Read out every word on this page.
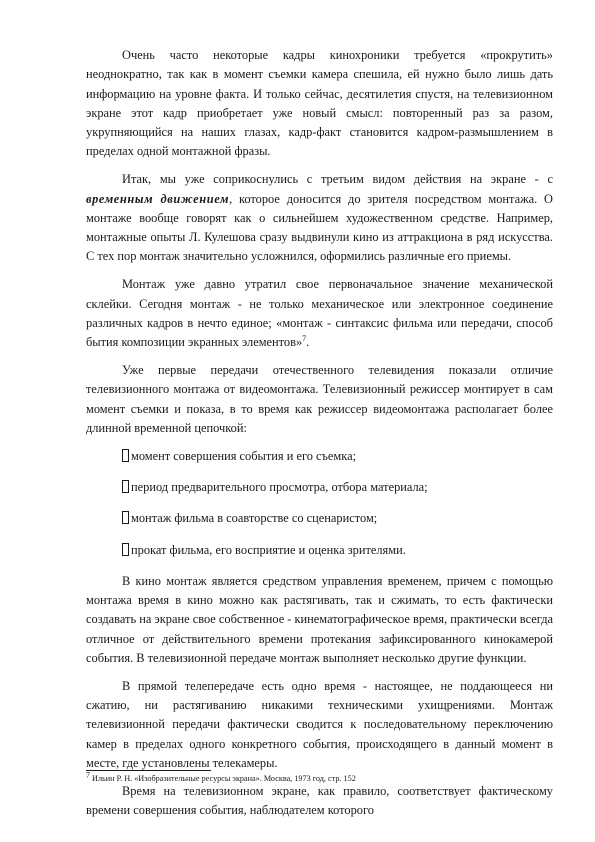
Очень часто некоторые кадры кинохроники требуется «прокрутить» неоднократно, так как в момент съемки камера спешила, ей нужно было лишь дать информацию на уровне факта. И только сейчас, десятилетия спустя, на телевизионном экране этот кадр приобретает уже новый смысл: повторенный раз за разом, укрупняющийся на наших глазах, кадр-факт становится кадром-размышлением в пределах одной монтажной фразы.

Итак, мы уже соприкоснулись с третьим видом действия на экране - с временным движением, которое доносится до зрителя посредством монтажа. О монтаже вообще говорят как о сильнейшем художественном средстве. Например, монтажные опыты Л. Кулешова сразу выдвинули кино из аттракциона в ряд искусства. С тех пор монтаж значительно усложнился, оформились различные его приемы.

Монтаж уже давно утратил свое первоначальное значение механической склейки. Сегодня монтаж - не только механическое или электронное соединение различных кадров в нечто единое; «монтаж - синтаксис фильма или передачи, способ бытия композиции экранных элементов»$^7$.

Уже первые передачи отечественного телевидения показали отличие телевизионного монтажа от видеомонтажа. Телевизионный режиссер монтирует в сам момент съемки и показа, в то время как режиссер видеомонтажа располагает более длинной временной цепочкой:

момент совершения события и его съемка;
период предварительного просмотра, отбора материала;
монтаж фильма в соавторстве со сценаристом;
прокат фильма, его восприятие и оценка зрителями.

В кино монтаж является средством управления временем, причем с помощью монтажа время в кино можно как растягивать, так и сжимать, то есть фактически создавать на экране свое собственное - кинематографическое время, практически всегда отличное от действительного времени протекания зафиксированного кинокамерой события. В телевизионной передаче монтаж выполняет несколько другие функции.

В прямой телепередаче есть одно время - настоящее, не поддающееся ни сжатию, ни растягиванию никакими техническими ухищрениями. Монтаж телевизионной передачи фактически сводится к последовательному переключению камер в пределах одного конкретного события, происходящего в данный момент в месте, где установлены телекамеры.

Время на телевизионном экране, как правило, соответствует фактическому времени совершения события, наблюдателем которого

$^7$ Ильин Р. Н. «Изобразительные ресурсы экрана». Москва, 1973 год, стр. 152
